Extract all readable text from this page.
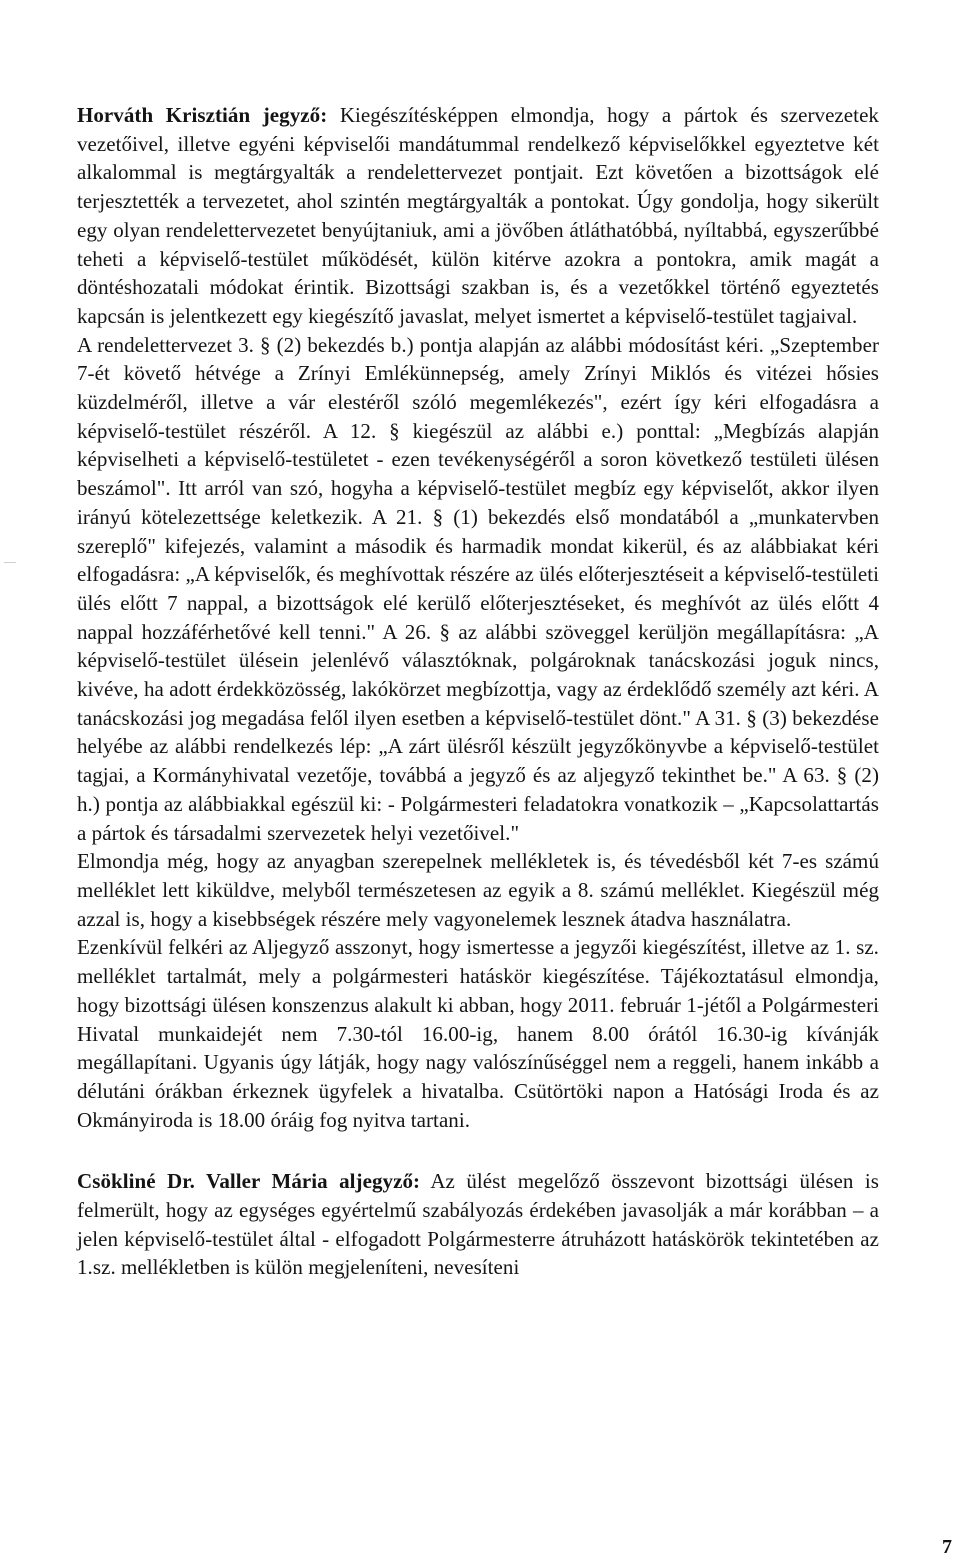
Horváth Krisztián jegyző: Kiegészítésképpen elmondja, hogy a pártok és szervezetek vezetőivel, illetve egyéni képviselői mandátummal rendelkező képviselőkkel egyeztetve két alkalommal is megtárgyalták a rendelettervezet pontjait. Ezt követően a bizottságok elé terjesztették a tervezetet, ahol szintén megtárgyalták a pontokat. Úgy gondolja, hogy sikerült egy olyan rendelettervezetet benyújtaniuk, ami a jövőben átláthatóbbá, nyíltabbá, egyszerűbbé teheti a képviselő-testület működését, külön kitérve azokra a pontokra, amik magát a döntéshozatali módokat érintik. Bizottsági szakban is, és a vezetőkkel történő egyeztetés kapcsán is jelentkezett egy kiegészítő javaslat, melyet ismertet a képviselő-testület tagjaival.

A rendelettervezet 3. § (2) bekezdés b.) pontja alapján az alábbi módosítást kéri. „Szeptember 7-ét követő hétvége a Zrínyi Emlékünnepség, amely Zrínyi Miklós és vitézei hősies küzdelméről, illetve a vár elestéről szóló megemlékezés", ezért így kéri elfogadásra a képviselő-testület részéről. A 12. § kiegészül az alábbi e.) ponttal: „Megbízás alapján képviselheti a képviselő-testületet - ezen tevékenységéről a soron következő testületi ülésen beszámol". Itt arról van szó, hogyha a képviselő-testület megbíz egy képviselőt, akkor ilyen irányú kötelezettsége keletkezik. A 21. § (1) bekezdés első mondatából a „munkatervben szereplő" kifejezés, valamint a második és harmadik mondat kikerül, és az alábbiakat kéri elfogadásra: „A képviselők, és meghívottak részére az ülés előterjesztéseit a képviselő-testületi ülés előtt 7 nappal, a bizottságok elé kerülő előterjesztéseket, és meghívót az ülés előtt 4 nappal hozzáférhetővé kell tenni." A 26. § az alábbi szöveggel kerüljön megállapításra: „A képviselő-testület ülésein jelenlévő választóknak, polgároknak tanácskozási joguk nincs, kivéve, ha adott érdekközösség, lakókörzet megbízottja, vagy az érdeklődő személy azt kéri. A tanácskozási jog megadása felől ilyen esetben a képviselő-testület dönt." A 31. § (3) bekezdése helyébe az alábbi rendelkezés lép: „A zárt ülésről készült jegyzőkönyvbe a képviselő-testület tagjai, a Kormányhivatal vezetője, továbbá a jegyző és az aljegyző tekinthet be." A 63. § (2) h.) pontja az alábbiakkal egészül ki: - Polgármesteri feladatokra vonatkozik – „Kapcsolattartás a pártok és társadalmi szervezetek helyi vezetőivel."

Elmondja még, hogy az anyagban szerepelnek mellékletek is, és tévedésből két 7-es számú melléklet lett kiküldve, melyből természetesen az egyik a 8. számú melléklet. Kiegészül még azzal is, hogy a kisebbségek részére mely vagyonelemek lesznek átadva használatra.

Ezenkívül felkéri az Aljegyző asszonyt, hogy ismertesse a jegyzői kiegészítést, illetve az 1. sz. melléklet tartalmát, mely a polgármesteri hatáskör kiegészítése. Tájékoztatásul elmondja, hogy bizottsági ülésen konszenzus alakult ki abban, hogy 2011. február 1-jétől a Polgármesteri Hivatal munkaidejét nem 7.30-tól 16.00-ig, hanem 8.00 órától 16.30-ig kívánják megállapítani. Ugyanis úgy látják, hogy nagy valószínűséggel nem a reggeli, hanem inkább a délutáni órákban érkeznek ügyfelek a hivatalba. Csütörtöki napon a Hatósági Iroda és az Okmányiroda is 18.00 óráig fog nyitva tartani.

Csökliné Dr. Valler Mária aljegyző: Az ülést megelőző összevont bizottsági ülésen is felmerült, hogy az egységes egyértelmű szabályozás érdekében javasolják a már korábban – a jelen képviselő-testület által - elfogadott Polgármesterre átruházott hatáskörök tekintetében az 1.sz. mellékletben is külön megjeleníteni, nevesíteni

7
